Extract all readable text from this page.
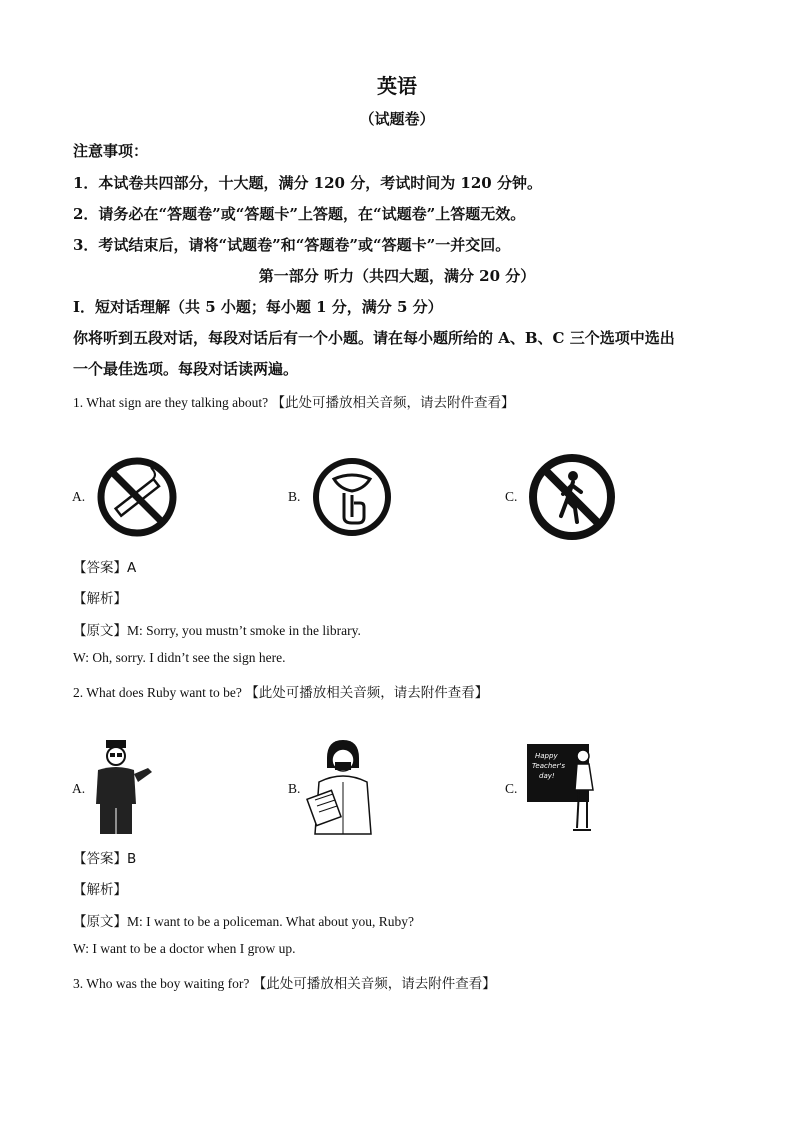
英语
（试题卷）
注意事项：
1．本试卷共四部分，十大题，满分 120 分，考试时间为 120 分钟。
2．请务必在“答题卷”或“答题卡”上答题，在“试题卷”上答题无效。
3．考试结束后，请将“试题卷”和“答题卷”或“答题卡”一并交回。
第一部分 听力（共四大题，满分 20 分）
Ⅰ．短对话理解（共 5 小题；每小题 1 分，满分 5 分）
你将听到五段对话，每段对话后有一个小题。请在每小题所给的 A、B、C 三个选项中选出
一个最佳选项。每段对话读两遍。
1. What sign are they talking about? 【此处可播放相关音频，请去附件查看】
A.	B.	C.
【答案】A
【解析】
【原文】M: Sorry, you mustn’t smoke in the library.
W: Oh, sorry. I didn’t see the sign here.
2. What does Ruby want to be? 【此处可播放相关音频，请去附件查看】
A.	B.	C.
Happy
Teacher's
day!
【答案】B
【解析】
【原文】M: I want to be a policeman. What about you, Ruby?
W: I want to be a doctor when I grow up.
3. Who was the boy waiting for? 【此处可播放相关音频，请去附件查看】
